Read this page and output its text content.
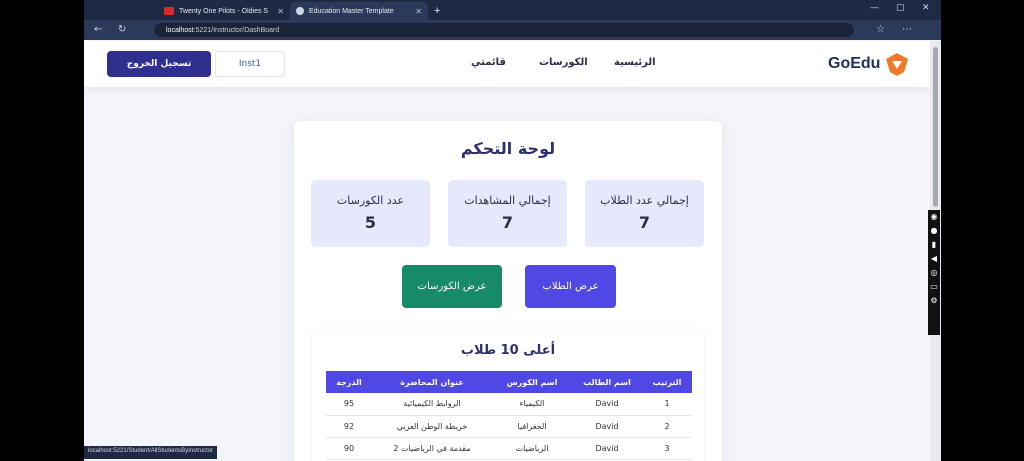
Twenty One Pilots - Oldies S ✕	Education Master Template	✕	+	— ▢ ✕
← ↻	localhost :5221/Instructor/DashBoard	☆ ⋯
تسجيل الخروج	Inst1	قائمتي	الكورسات	الرئيسية	GoEdu
لوحة التحكم
عدد الكورسات
5
إجمالي المشاهدات
7
إجمالي عدد الطلاب
7
عرض الكورسات	عرض الطلاب
أعلى 10 طلاب
الترتيب	اسم الطالب	اسم الكورس	عنوان المحاضرة	الدرجة
1	David	الكيمياء	الروابط الكيميائية	95
2	David	الجغرافيا	خريطة الوطن العربي	92
3	David	الرياضيات	مقدمة في الرياضيات 2	90
localhost:5221/Student/AllStudentsByInstructor
◉
●
▮
◀
◎
▭
⚙
